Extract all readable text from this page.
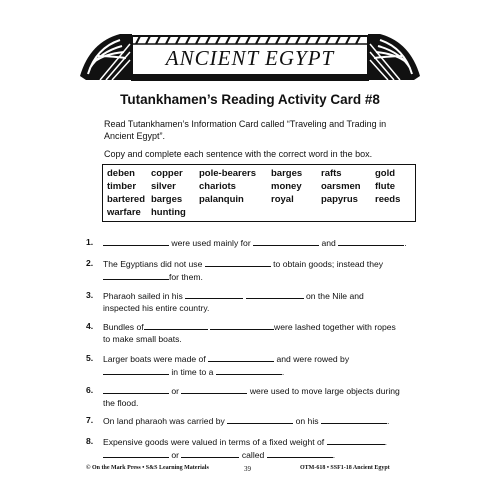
ANCIENT EGYPT
Tutankhamen’s Reading Activity Card #8
Read Tutankhamen’s Information Card called “Traveling and Trading in Ancient Egypt”.
Copy and complete each sentence with the correct word in the box.
deben copper pole-bearers barges rafts	gold
timber silver chariots	money oarsmen flute
bartered barges palanquin	royal	papyrus reeds
warfare hunting
1.	were used mainly for	and	.
2. The Egyptians did not use	to obtain goods; instead they
for them.
3. Pharaoh sailed in his	on the Nile and
inspected his entire country.
4. Bundles of	were lashed together with ropes
to make small boats.
5. Larger boats were made of	and were rowed by
in time to a	.
6.	or	were used to move large objects during
the flood.
7. On land pharaoh was carried by	on his	.
8. Expensive goods were valued in terms of a fixed weight of	.
or	called	.
© On the Mark Press • S&S Learning Materials	39	OTM-618 • SSF1-18 Ancient Egypt
